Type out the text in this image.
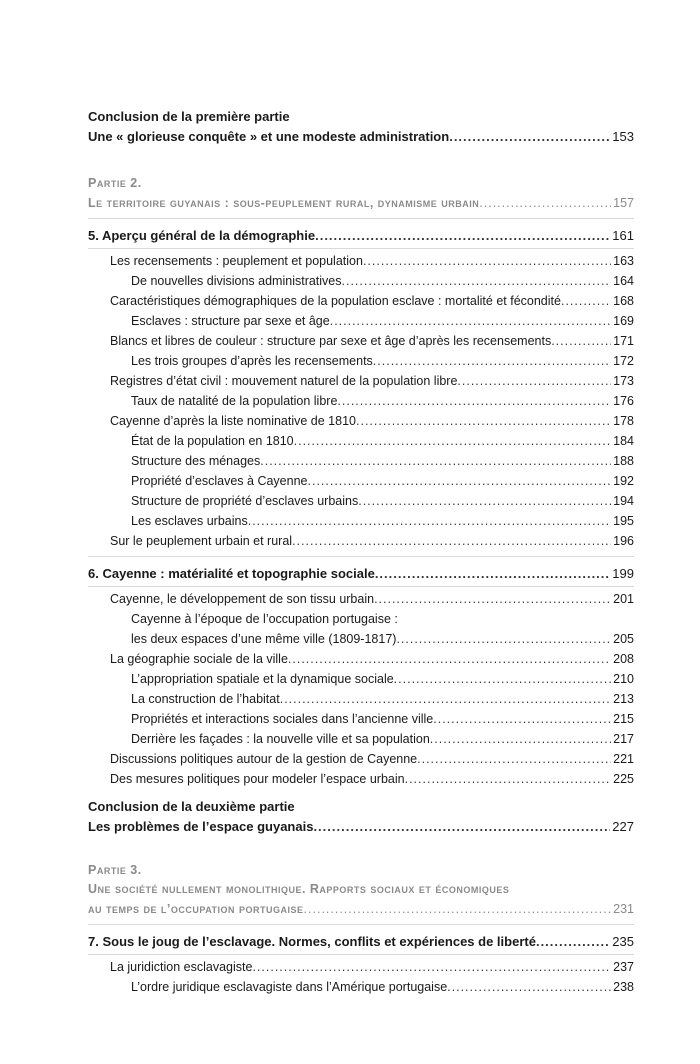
Conclusion de la première partie
Une « glorieuse conquête » et une modeste administration .....	153
Partie 2.
Le territoire guyanais : sous-peuplement rural, dynamisme urbain .....	157
5. Aperçu général de la démographie .....	161
Les recensements : peuplement et population .....	163
De nouvelles divisions administratives .....	164
Caractéristiques démographiques de la population esclave : mortalité et fécondité .....	168
Esclaves : structure par sexe et âge .....	169
Blancs et libres de couleur : structure par sexe et âge d’après les recensements .....	171
Les trois groupes d’après les recensements .....	172
Registres d’état civil : mouvement naturel de la population libre .....	173
Taux de natalité de la population libre .....	176
Cayenne d’après la liste nominative de 1810 .....	178
État de la population en 1810 .....	184
Structure des ménages .....	188
Propriété d’esclaves à Cayenne .....	192
Structure de propriété d’esclaves urbains .....	194
Les esclaves urbains .....	195
Sur le peuplement urbain et rural .....	196
6. Cayenne : matérialité et topographie sociale .....	199
Cayenne, le développement de son tissu urbain .....	201
Cayenne à l’époque de l’occupation portugaise :
les deux espaces d’une même ville (1809-1817) .....	205
La géographie sociale de la ville .....	208
L’appropriation spatiale et la dynamique sociale .....	210
La construction de l’habitat .....	213
Propriétés et interactions sociales dans l’ancienne ville .....	215
Derrière les façades : la nouvelle ville et sa population .....	217
Discussions politiques autour de la gestion de Cayenne .....	221
Des mesures politiques pour modeler l’espace urbain .....	225
Conclusion de la deuxième partie
Les problèmes de l’espace guyanais .....	227
Partie 3.
Une société nullement monolithique. Rapports sociaux et économiques
au temps de l’occupation portugaise .....	231
7. Sous le joug de l’esclavage. Normes, conflits et expériences de liberté .....	235
La juridiction esclavagiste .....	237
L’ordre juridique esclavagiste dans l’Amérique portugaise .....	238
